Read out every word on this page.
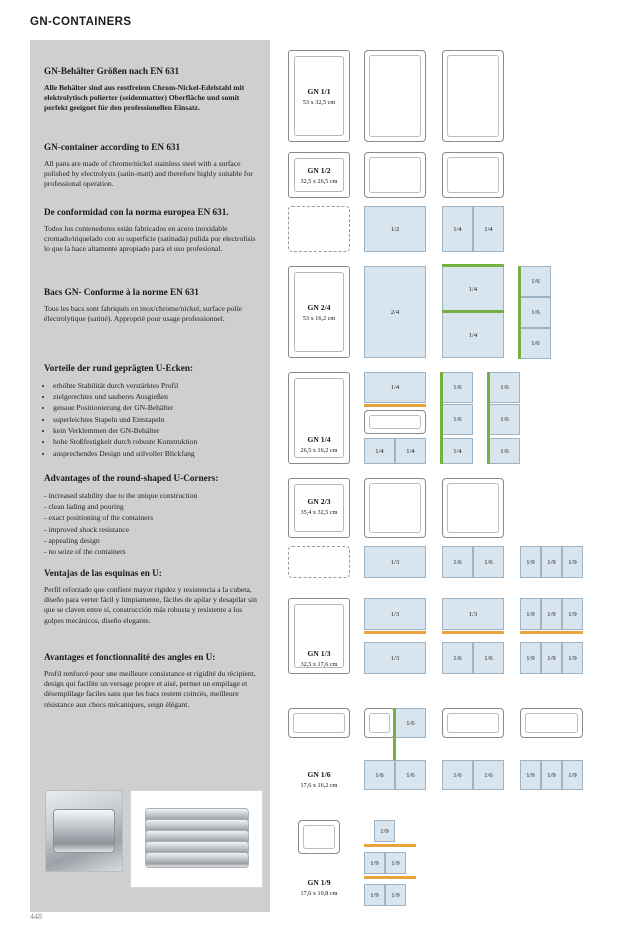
GN-CONTAINERS

GN-Behälter Größen nach EN 631

Alle Behälter sind aus rostfreiem Chrom-Nickel-Edelstahl mit elektrolytisch polierter (seidenmatter) Oberfläche und somit perfekt geeignet für den professionellen Einsatz.

GN-container according to EN 631

All pans are made of chrome/nickel stainless steel with a surface polished by electrolysts (satin-matt) and therefore highly suitable for professional operation.

De conformidad con la norma europea EN 631.

Todos los contenedores están fabricados en acero inoxidable cromado/niquelado con su superficie (satinada) pulida por electrolisis lo que la hace altamente apropiado para el uso profesional.

Bacs GN- Conforme à la norme EN 631

Tous les bacs sont fabriqués en inox/chrome/nickel, surface polie électrolytique (satiné). Approprié pour usage professionnel.

Vorteile der rund geprägten U-Ecken:

• erhöhte Stabilität durch verstärktes Profil
• zielgerechtes und sauberes Ausgießen
• genaue Positionierung der GN-Behälter
• superleichtes Stapeln und Entstapeln
• kein Verklemmen der GN-Behälter
• hohe Stoßfestigkeit durch robuste Konstruktion
• ansprechendes Design und stilvoller Blickfang

Advantages of the round-shaped U-Corners:

- increased stability due to the unique construction
- clean lading and pouring
- exact positioning of the containers
- improved shock resistance
- appealing design
- no seize of the containers

Ventajas de las esquinas en U:

Perfil reforzado que confiere mayor rigidez y resistencia a la cubeta, diseño para verter fácil y limpiamente, fáciles de apilar y desapilar sin que se claven entre sí, construcción más robusta y resistente a los golpes mecánicos, diseño elegante.

Avantages et fonctionnalité des angles en U:

Profil renforcé pour une meilleure consistance et rigidité du récipient, design qui facilite un versage propre et aisé, permet un empilage et désemplilage faciles sans que les bacs restent coincés, meilleure résistance aux chocs mécaniques, seign élégant.

448
GN 1/1
53 x 32,5 cm
GN 1/2
32,5 x 26,5 cm
1/2	1/4	1/4
GN 2/4
53 x 16,2 cm
2/4
1/4
1/4
1/6
1/6
1/6
GN 1/4
26,5 x 16,2 cm
1/4
1/4	1/4
1/6
1/6
1/4
1/6
1/6
1/6
GN 2/3
35,4 x 32,5 cm
1/3	1/6	1/6	1/9	1/9	1/9
GN 1/3
32,5 x 17,6 cm
1/3
1/3
1/3
1/6	1/6
1/9	1/9	1/9
1/9	1/9	1/9
GN 1/6
17,6 x 16,2 cm
1/6
1/6	1/6	1/6	1/6	1/9	1/9	1/9
GN 1/9
17,6 x 10,8 cm
1/9
1/9	1/9
1/9	1/9
